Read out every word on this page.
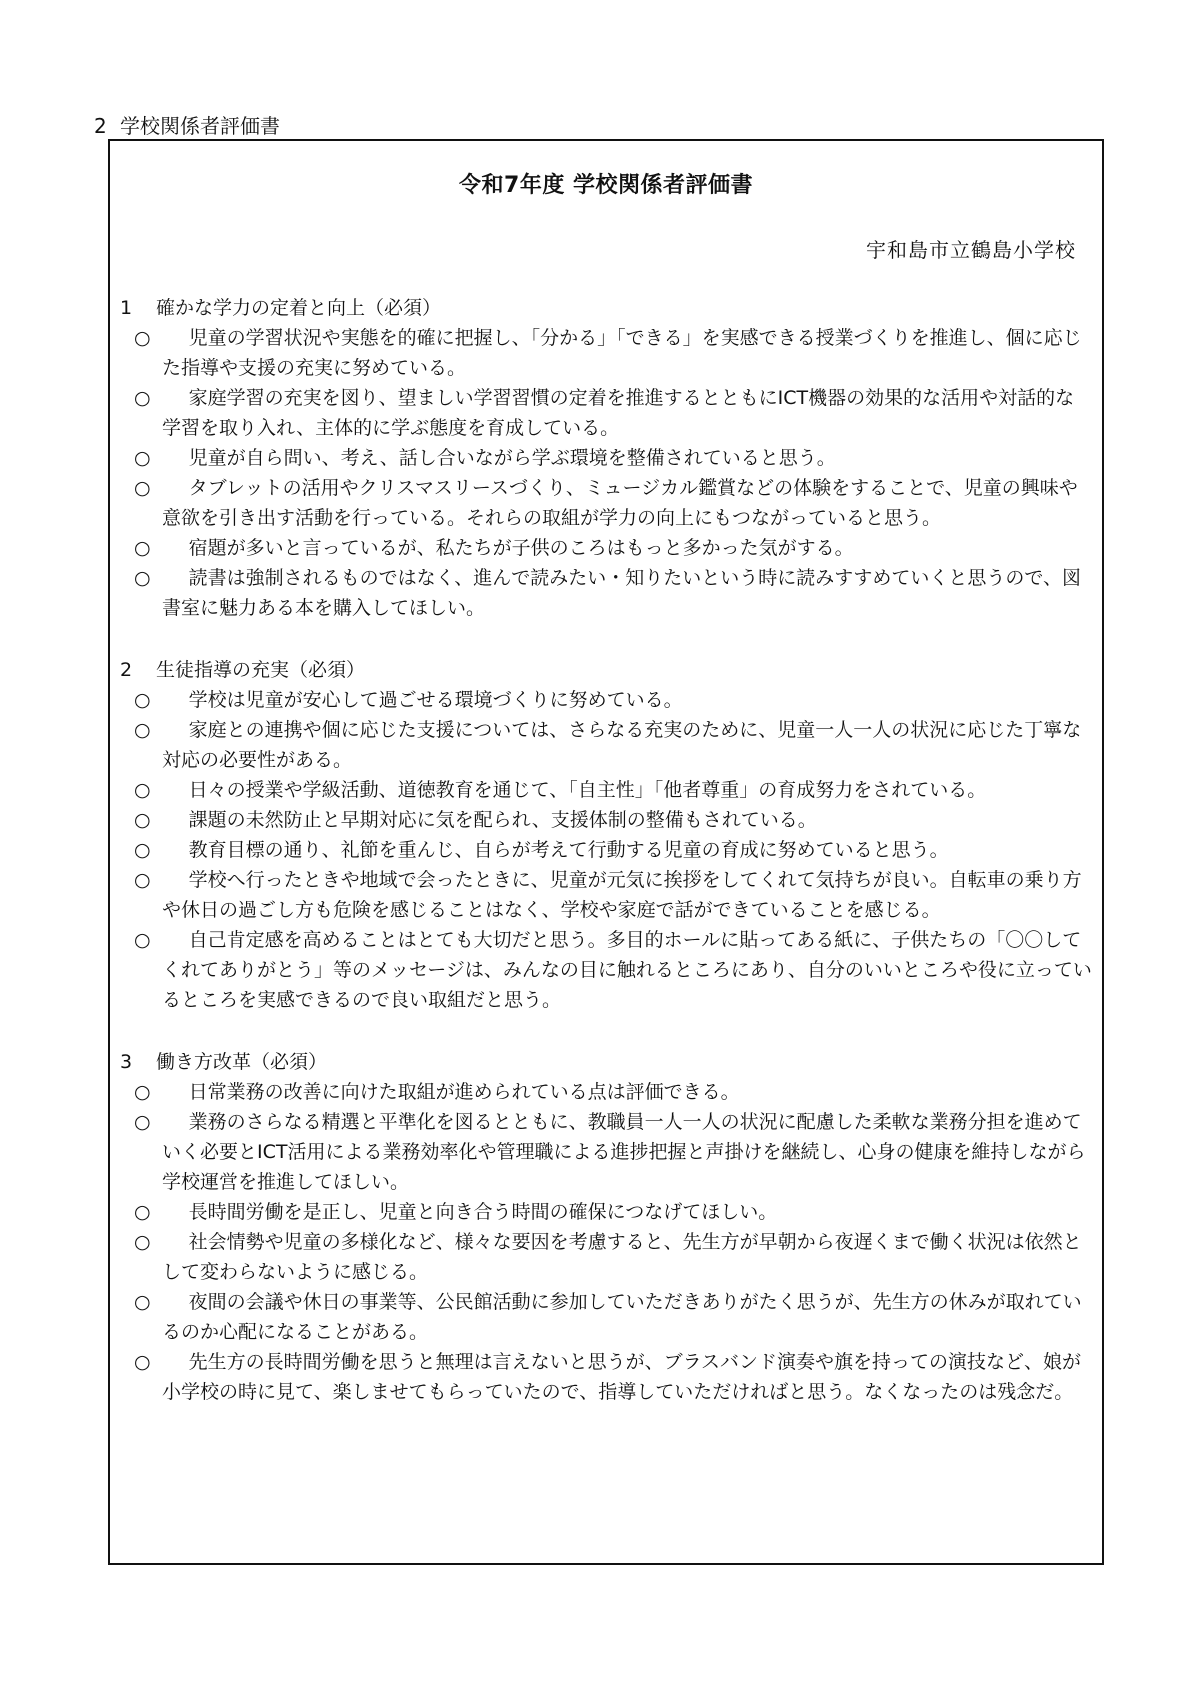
2 学校関係者評価書
令和7年度 学校関係者評価書
宇和島市立鶴島小学校
1 確かな学力の定着と向上（必須）
○	児童の学習状況や実態を的確に把握し、「分かる」「できる」を実感できる授業づくりを推進し、個に応じた指導や支援の充実に努めている。
○	家庭学習の充実を図り、望ましい学習習慣の定着を推進するとともにICT機器の効果的な活用や対話的な学習を取り入れ、主体的に学ぶ態度を育成している。
○	児童が自ら問い、考え、話し合いながら学ぶ環境を整備されていると思う。
○	タブレットの活用やクリスマスリースづくり、ミュージカル鑑賞などの体験をすることで、児童の興味や意欲を引き出す活動を行っている。それらの取組が学力の向上にもつながっていると思う。
○	宿題が多いと言っているが、私たちが子供のころはもっと多かった気がする。
○	読書は強制されるものではなく、進んで読みたい・知りたいという時に読みすすめていくと思うので、図書室に魅力ある本を購入してほしい。
2 生徒指導の充実（必須）
○	学校は児童が安心して過ごせる環境づくりに努めている。
○	家庭との連携や個に応じた支援については、さらなる充実のために、児童一人一人の状況に応じた丁寧な対応の必要性がある。
○	日々の授業や学級活動、道徳教育を通じて、「自主性」「他者尊重」の育成努力をされている。
○	課題の未然防止と早期対応に気を配られ、支援体制の整備もされている。
○	教育目標の通り、礼節を重んじ、自らが考えて行動する児童の育成に努めていると思う。
○	学校へ行ったときや地域で会ったときに、児童が元気に挨拶をしてくれて気持ちが良い。自転車の乗り方や休日の過ごし方も危険を感じることはなく、学校や家庭で話ができていることを感じる。
○	自己肯定感を高めることはとても大切だと思う。多目的ホールに貼ってある紙に、子供たちの「〇〇してくれてありがとう」等のメッセージは、みんなの目に触れるところにあり、自分のいいところや役に立っているところを実感できるので良い取組だと思う。
3 働き方改革（必須）
○	日常業務の改善に向けた取組が進められている点は評価できる。
○	業務のさらなる精選と平準化を図るとともに、教職員一人一人の状況に配慮した柔軟な業務分担を進めていく必要とICT活用による業務効率化や管理職による進捗把握と声掛けを継続し、心身の健康を維持しながら学校運営を推進してほしい。
○	長時間労働を是正し、児童と向き合う時間の確保につなげてほしい。
○	社会情勢や児童の多様化など、様々な要因を考慮すると、先生方が早朝から夜遅くまで働く状況は依然として変わらないように感じる。
○	夜間の会議や休日の事業等、公民館活動に参加していただきありがたく思うが、先生方の休みが取れているのか心配になることがある。
○	先生方の長時間労働を思うと無理は言えないと思うが、ブラスバンド演奏や旗を持っての演技など、娘が小学校の時に見て、楽しませてもらっていたので、指導していただければと思う。なくなったのは残念だ。
